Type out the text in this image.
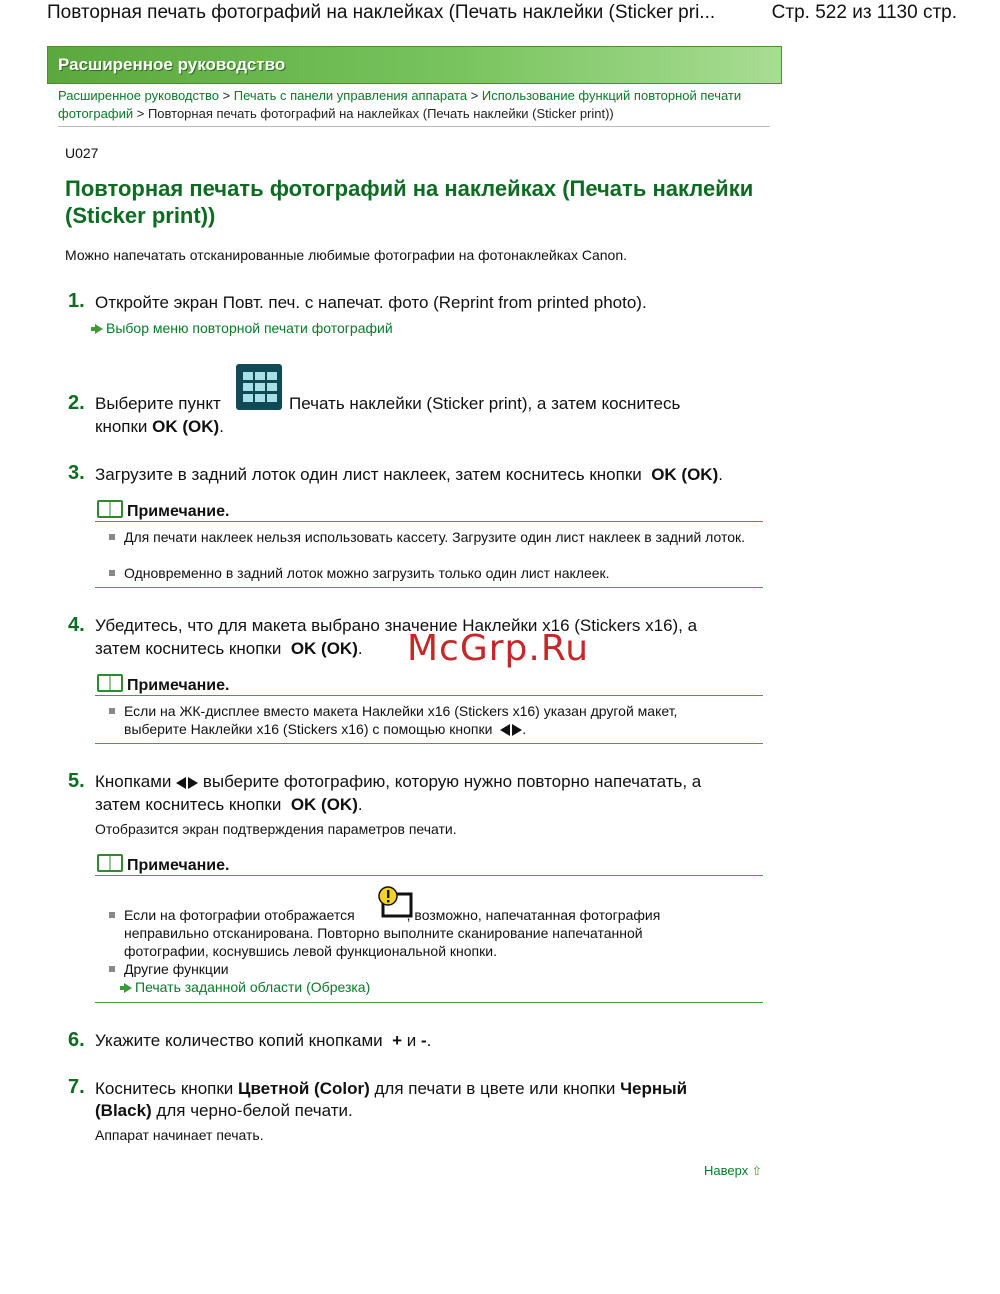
Повторная печать фотографий на наклейках (Печать наклейки (Sticker pri...	Стр. 522 из 1130 стр.
Расширенное руководство
Расширенное руководство > Печать с панели управления аппарата > Использование функций повторной печати фотографий > Повторная печать фотографий на наклейках (Печать наклейки (Sticker print))
U027
Повторная печать фотографий на наклейках (Печать наклейки (Sticker print))
Можно напечатать отсканированные любимые фотографии на фотонаклейках Canon.
1. Откройте экран Повт. печ. с напечат. фото (Reprint from printed photo).
Выбор меню повторной печати фотографий
2. Выберите пункт	Печать наклейки (Sticker print), а затем коснитесь
кнопки OK (OK).
3. Загрузите в задний лоток один лист наклеек, затем коснитесь кнопки OK (OK).
Примечание.
Для печати наклеек нельзя использовать кассету. Загрузите один лист наклеек в задний лоток.
Одновременно в задний лоток можно загрузить только один лист наклеек.
4. Убедитесь, что для макета выбрано значение Наклейки x16 (Stickers x16), а
затем коснитесь кнопки OK (OK).	McGrp.Ru
Примечание.
Если на ЖК-дисплее вместо макета Наклейки x16 (Stickers x16) указан другой макет,
выберите Наклейки x16 (Stickers x16) с помощью кнопки .
5. Кнопками выберите фотографию, которую нужно повторно напечатать, а
затем коснитесь кнопки OK (OK).
Отобразится экран подтверждения параметров печати.
Примечание.
Если на фотографии отображается	, возможно, напечатанная фотография
неправильно отсканирована. Повторно выполните сканирование напечатанной
фотографии, коснувшись левой функциональной кнопки.
Другие функции
Печать заданной области (Обрезка)
6. Укажите количество копий кнопками + и -.
7. Коснитесь кнопки Цветной (Color) для печати в цвете или кнопки Черный
(Black) для черно-белой печати.
Аппарат начинает печать.
Наверх ⇧
